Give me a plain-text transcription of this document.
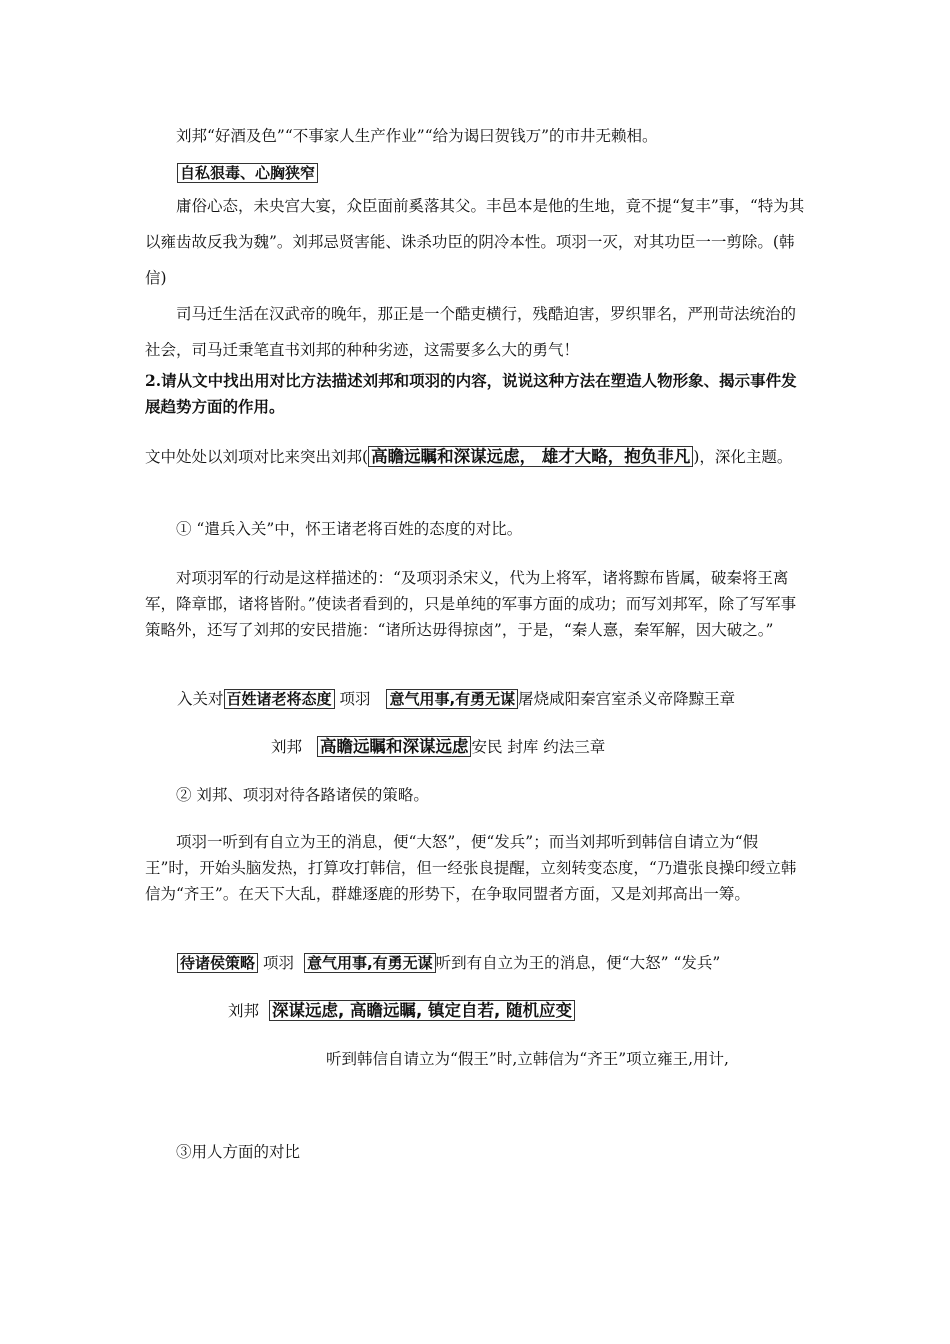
刘邦“好酒及色”“不事家人生产作业”“给为谒曰贺钱万”的市井无赖相。

自私狠毒、心胸狭窄

庸俗心态，未央宫大宴，众臣面前奚落其父。丰邑本是他的生地，竟不提“复丰”事，“特为其以雍齿故反我为魏”。刘邦忌贤害能、诛杀功臣的阴冷本性。项羽一灭，对其功臣一一剪除。(韩信)

司马迁生活在汉武帝的晚年，那正是一个酷吏横行，残酷迫害，罗织罪名，严刑苛法统治的社会，司马迁秉笔直书刘邦的种种劣迹，这需要多么大的勇气！

2.请从文中找出用对比方法描述刘邦和项羽的内容，说说这种方法在塑造人物形象、揭示事件发展趋势方面的作用。

文中处处以刘项对比来突出刘邦( 高瞻远瞩和深谋远虑， 雄才大略，抱负非凡 )，深化主题。

① “遣兵入关”中，怀王诸老将百姓的态度的对比。

对项羽军的行动是这样描述的：“及项羽杀宋义，代为上将军，诸将黥布皆属，破秦将王离军，降章邯，诸将皆附。”使读者看到的，只是单纯的军事方面的成功；而写刘邦军，除了写军事策略外，还写了刘邦的安民措施：“诸所达毋得掠卤”，于是，“秦人憙，秦军解，因大破之。”

入关对 百姓诸老将态度 项羽 意气用事,有勇无谋 屠烧咸阳秦宫室杀义帝降黥王章
刘邦 高瞻远瞩和深谋远虑 安民 封库 约法三章

② 刘邦、项羽对待各路诸侯的策略。

项羽一听到有自立为王的消息，便“大怒”，便“发兵”；而当刘邦听到韩信自请立为“假王”时，开始头脑发热，打算攻打韩信，但一经张良提醒，立刻转变态度，“乃遣张良操印绶立韩信为“齐王”。在天下大乱，群雄逐鹿的形势下，在争取同盟者方面，又是刘邦高出一筹。

待诸侯策略 项羽 意气用事,有勇无谋 听到有自立为王的消息，便“大怒” “发兵”
刘邦 深谋远虑, 高瞻远瞩, 镇定自若, 随机应变
听到韩信自请立为“假王”时,立韩信为“齐王”项立雍王,用计,

③用人方面的对比
